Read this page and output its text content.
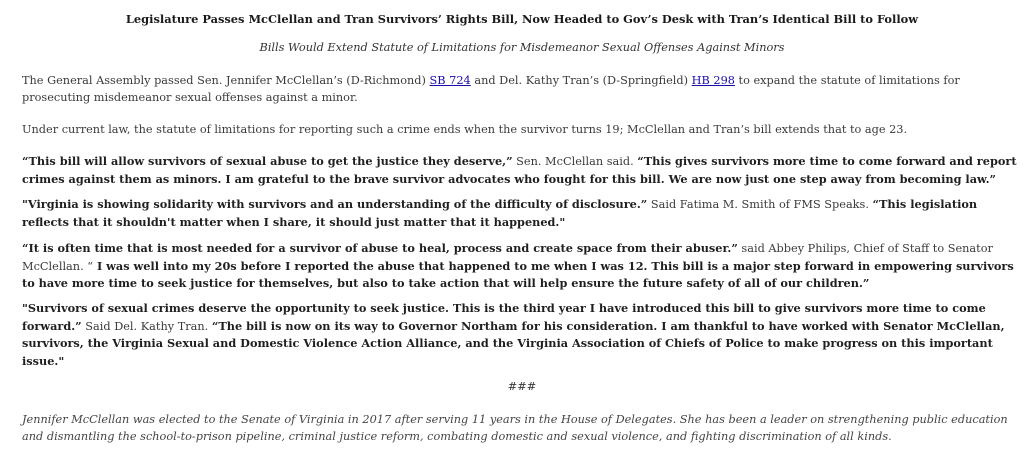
Legislature Passes McClellan and Tran Survivors’ Rights Bill, Now Headed to Gov’s Desk with Tran’s Identical Bill to Follow

Bills Would Extend Statute of Limitations for Misdemeanor Sexual Offenses Against Minors

The General Assembly passed Sen. Jennifer McClellan’s (D-Richmond) SB 724 and Del. Kathy Tran’s (D-Springfield) HB 298 to expand the statute of limitations for prosecuting misdemeanor sexual offenses against a minor.

Under current law, the statute of limitations for reporting such a crime ends when the survivor turns 19; McClellan and Tran’s bill extends that to age 23.

“This bill will allow survivors of sexual abuse to get the justice they deserve,” Sen. McClellan said. “This gives survivors more time to come forward and report crimes against them as minors. I am grateful to the brave survivor advocates who fought for this bill. We are now just one step away from becoming law.”

"Virginia is showing solidarity with survivors and an understanding of the difficulty of disclosure.” Said Fatima M. Smith of FMS Speaks. “This legislation reflects that it shouldn't matter when I share, it should just matter that it happened."

“It is often time that is most needed for a survivor of abuse to heal, process and create space from their abuser.” said Abbey Philips, Chief of Staff to Senator McClellan. “ I was well into my 20s before I reported the abuse that happened to me when I was 12. This bill is a major step forward in empowering survivors to have more time to seek justice for themselves, but also to take action that will help ensure the future safety of all of our children.”

"Survivors of sexual crimes deserve the opportunity to seek justice. This is the third year I have introduced this bill to give survivors more time to come forward.” Said Del. Kathy Tran. “The bill is now on its way to Governor Northam for his consideration. I am thankful to have worked with Senator McClellan, survivors, the Virginia Sexual and Domestic Violence Action Alliance, and the Virginia Association of Chiefs of Police to make progress on this important issue."

###

Jennifer McClellan was elected to the Senate of Virginia in 2017 after serving 11 years in the House of Delegates. She has been a leader on strengthening public education and dismantling the school-to-prison pipeline, criminal justice reform, combating domestic and sexual violence, and fighting discrimination of all kinds.
